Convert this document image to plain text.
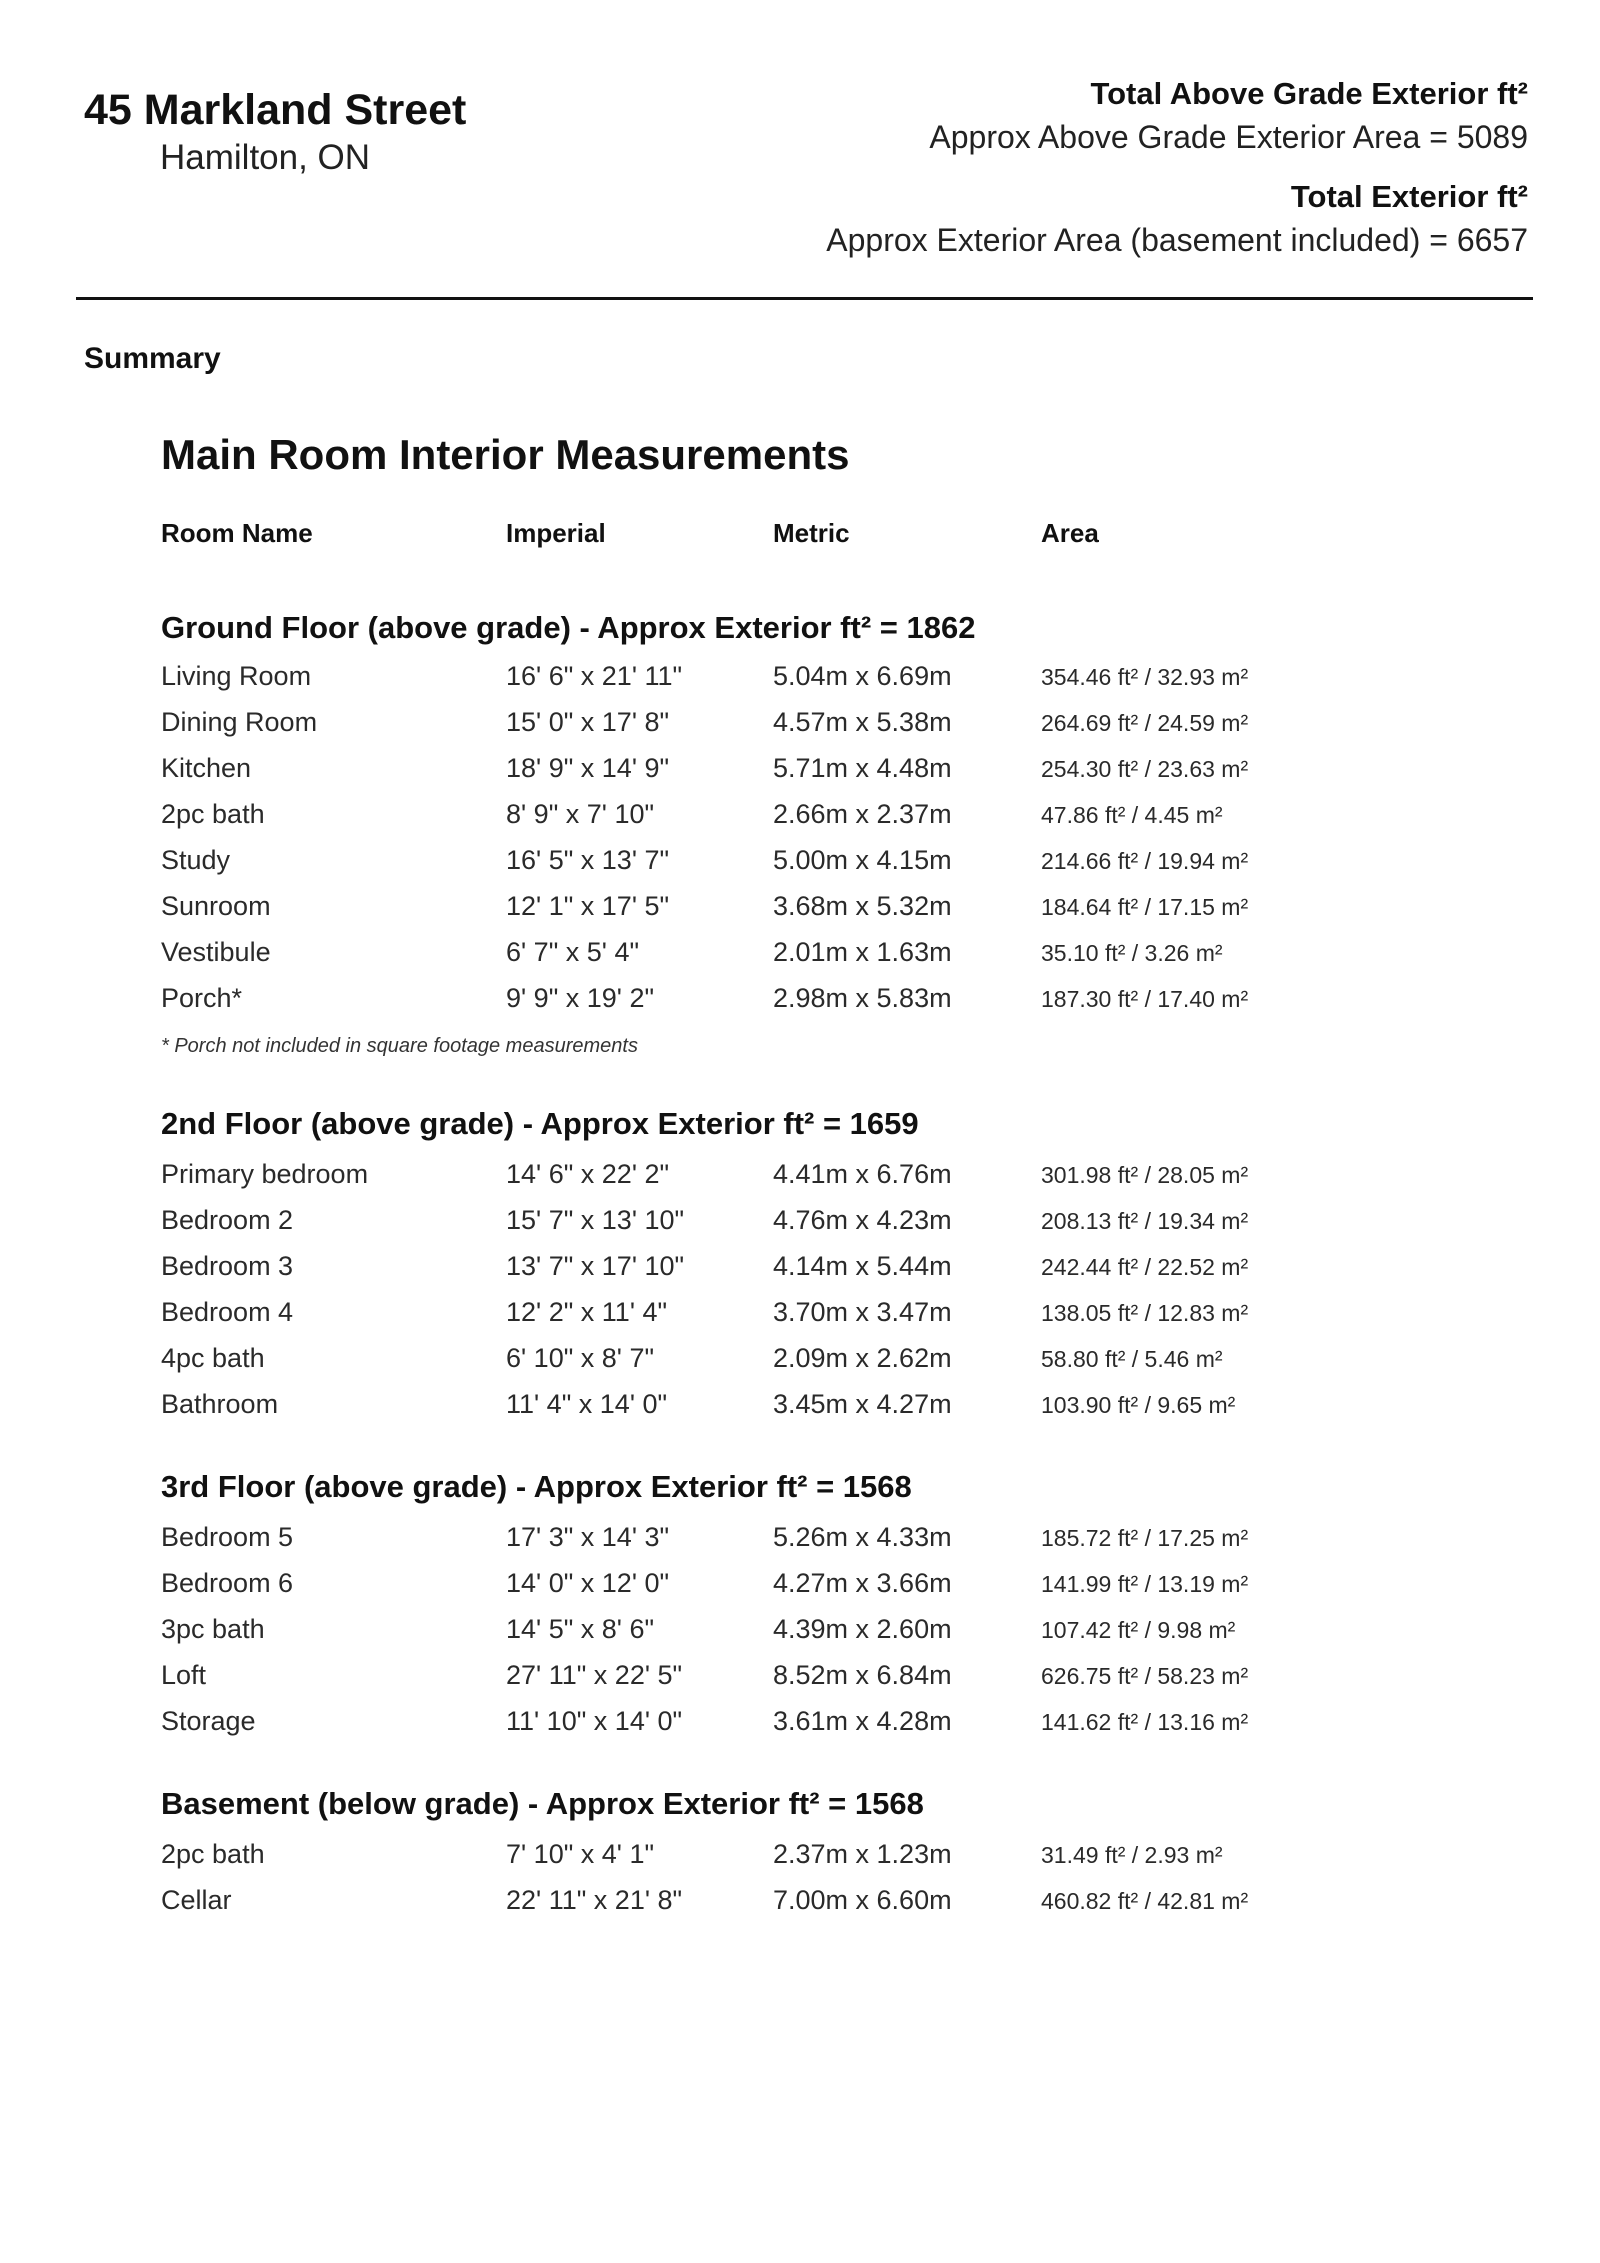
45 Markland Street
Hamilton, ON
Total Above Grade Exterior ft²
Approx Above Grade Exterior Area = 5089
Total Exterior ft²
Approx Exterior Area (basement included) = 6657
Summary
Main Room Interior Measurements
Room Name	Imperial	Metric	Area
Ground Floor (above grade) - Approx Exterior ft² = 1862
Living Room	16' 6" x 21' 11"	5.04m x 6.69m	354.46 ft² / 32.93 m²
Dining Room	15' 0" x 17' 8"	4.57m x 5.38m	264.69 ft² / 24.59 m²
Kitchen	18' 9" x 14' 9"	5.71m x 4.48m	254.30 ft² / 23.63 m²
2pc bath	8' 9" x 7' 10"	2.66m x 2.37m	47.86 ft² / 4.45 m²
Study	16' 5" x 13' 7"	5.00m x 4.15m	214.66 ft² / 19.94 m²
Sunroom	12' 1" x 17' 5"	3.68m x 5.32m	184.64 ft² / 17.15 m²
Vestibule	6' 7" x 5' 4"	2.01m x 1.63m	35.10 ft² / 3.26 m²
Porch*	9' 9" x 19' 2"	2.98m x 5.83m	187.30 ft² / 17.40 m²
* Porch not included in square footage measurements
2nd Floor (above grade) - Approx Exterior ft² = 1659
Primary bedroom	14' 6" x 22' 2"	4.41m x 6.76m	301.98 ft² / 28.05 m²
Bedroom 2	15' 7" x 13' 10"	4.76m x 4.23m	208.13 ft² / 19.34 m²
Bedroom 3	13' 7" x 17' 10"	4.14m x 5.44m	242.44 ft² / 22.52 m²
Bedroom 4	12' 2" x 11' 4"	3.70m x 3.47m	138.05 ft² / 12.83 m²
4pc bath	6' 10" x 8' 7"	2.09m x 2.62m	58.80 ft² / 5.46 m²
Bathroom	11' 4" x 14' 0"	3.45m x 4.27m	103.90 ft² / 9.65 m²
3rd Floor (above grade) - Approx Exterior ft² = 1568
Bedroom 5	17' 3" x 14' 3"	5.26m x 4.33m	185.72 ft² / 17.25 m²
Bedroom 6	14' 0" x 12' 0"	4.27m x 3.66m	141.99 ft² / 13.19 m²
3pc bath	14' 5" x 8' 6"	4.39m x 2.60m	107.42 ft² / 9.98 m²
Loft	27' 11" x 22' 5"	8.52m x 6.84m	626.75 ft² / 58.23 m²
Storage	11' 10" x 14' 0"	3.61m x 4.28m	141.62 ft² / 13.16 m²
Basement (below grade) - Approx Exterior ft² = 1568
2pc bath	7' 10" x 4' 1"	2.37m x 1.23m	31.49 ft² / 2.93 m²
Cellar	22' 11" x 21' 8"	7.00m x 6.60m	460.82 ft² / 42.81 m²
